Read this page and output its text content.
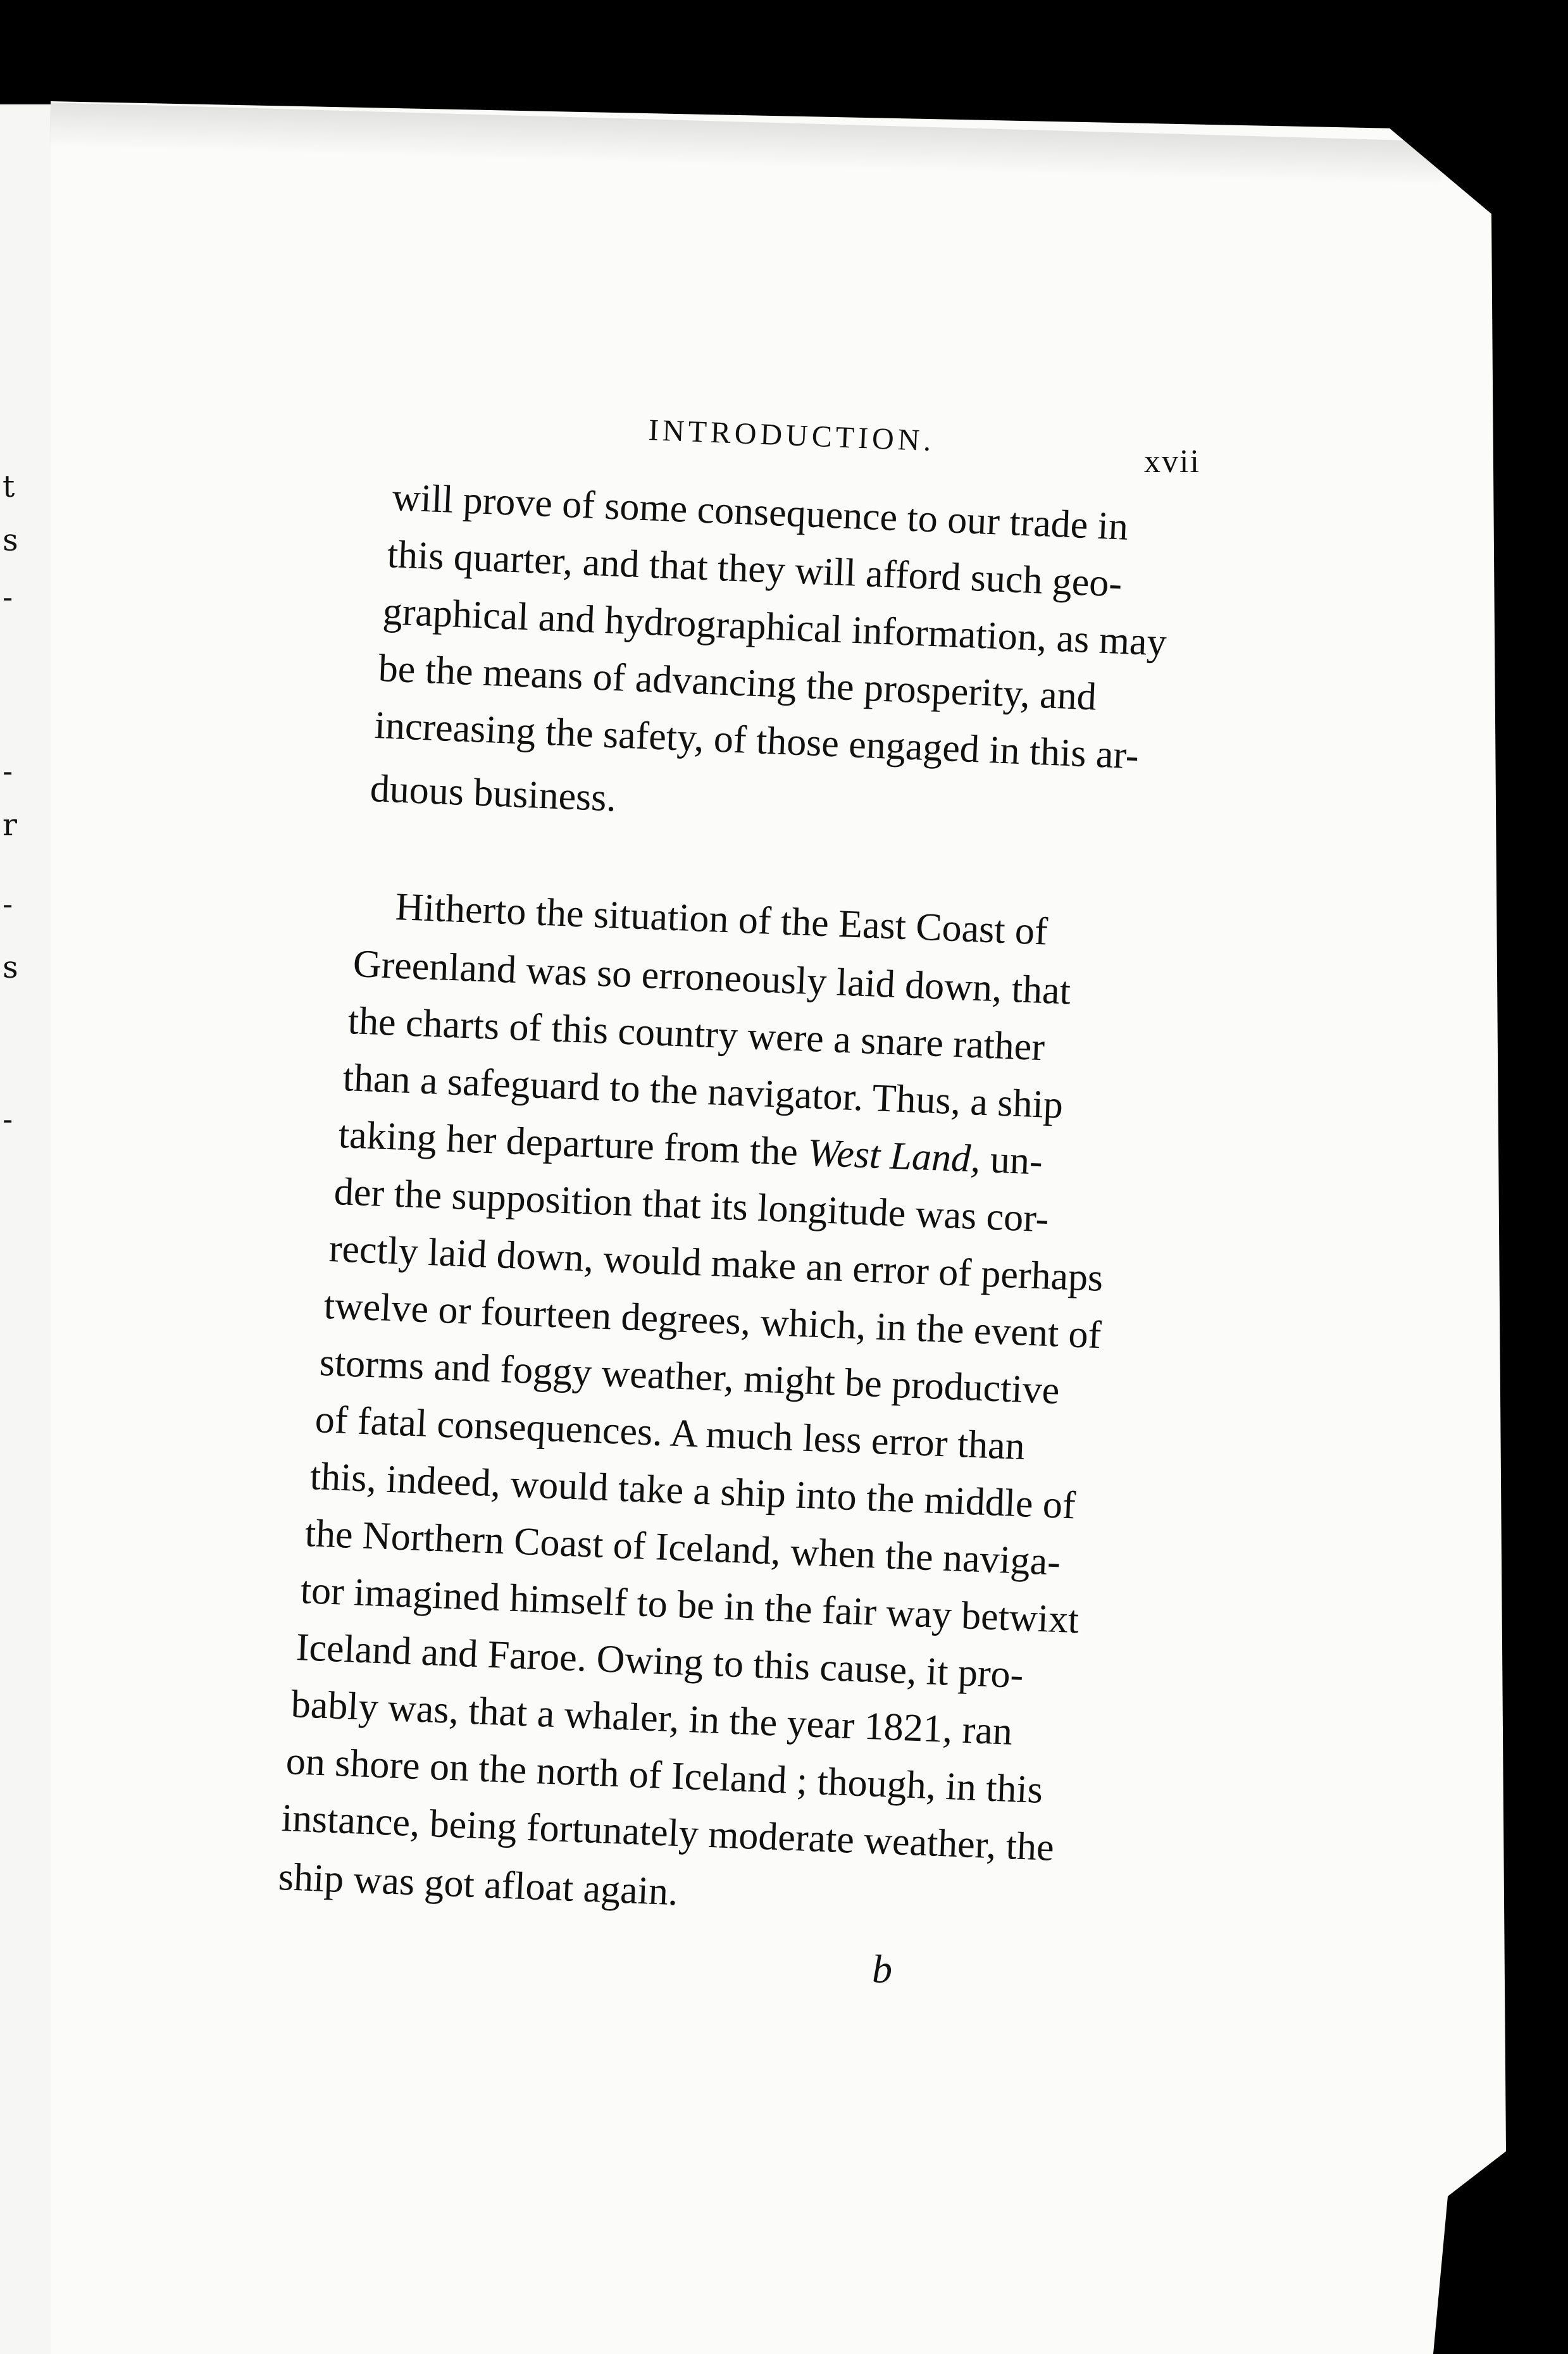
t
s
-
-
r
-
s
-
INTRODUCTION.
xvii
will prove of some consequence to our trade in
this quarter, and that they will afford such geo-
graphical and hydrographical information, as may
be the means of advancing the prosperity, and
increasing the safety, of those engaged in this ar-
duous business.
Hitherto the situation of the East Coast of
Greenland was so erroneously laid down, that
the charts of this country were a snare rather
than a safeguard to the navigator. Thus, a ship
taking her departure from the West Land, un-
der the supposition that its longitude was cor-
rectly laid down, would make an error of perhaps
twelve or fourteen degrees, which, in the event of
storms and foggy weather, might be productive
of fatal consequences. A much less error than
this, indeed, would take a ship into the middle of
the Northern Coast of Iceland, when the naviga-
tor imagined himself to be in the fair way betwixt
Iceland and Faroe. Owing to this cause, it pro-
bably was, that a whaler, in the year 1821, ran
on shore on the north of Iceland ; though, in this
instance, being fortunately moderate weather, the
ship was got afloat again.
b
